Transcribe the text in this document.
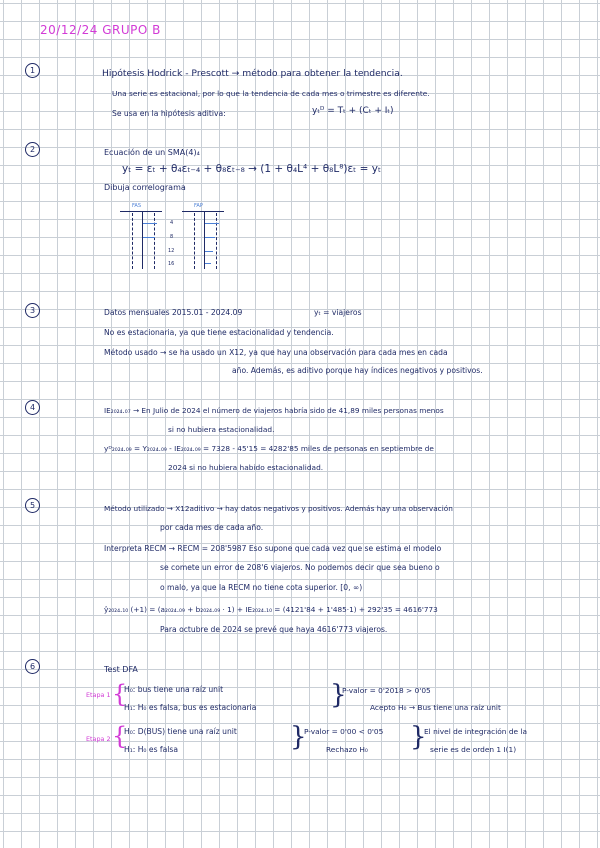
20/12/24 GRUPO B
1	Hipótesis Hodrick - Prescott → método para obtener la tendencia.
Una serie es estacional, por lo que la tendencia de cada mes o trimestre es diferente.
Se usa en la hipótesis aditiva:	yₜᴰ = Tₜ + (Cₜ + Iₜ)
2	Ecuación de un SMA(4)₄
yₜ = εₜ + θ₄εₜ₋₄ + θ₈εₜ₋₈ → (1 + θ₄L⁴ + θ₈L⁸)εₜ = yₜ
Dibuja correlograma
FAS	FAP
4
8
12
16
3	Datos mensuales 2015.01 - 2024.09	yₜ = viajeros
No es estacionaria, ya que tiene estacionalidad y tendencia.
Método usado → se ha usado un X12, ya que hay una observación para cada mes en cada
año. Además, es aditivo porque hay índices negativos y positivos.
4	IE₂₀₂₄.₀₇ → En Julio de 2024 el número de viajeros habría sido de 41,89 miles personas menos
si no hubiera estacionalidad.
yᴰ₂₀₂₄.₀₉ = Y₂₀₂₄.₀₉ - IE₂₀₂₄.₀₉ = 7328 - 45'15 = 4282'85 miles de personas en septiembre de
2024 si no hubiera habido estacionalidad.
5	Método utilizado → X12aditivo → hay datos negativos y positivos. Además hay una observación
por cada mes de cada año.
Interpreta RECM → RECM = 208'5987 Eso supone que cada vez que se estima el modelo
se comete un error de 208'6 viajeros. No podemos decir que sea bueno o
o malo, ya que la RECM no tiene cota superior. [0, ∞)
ŷ₂₀₂₄.₁₀ (+1) = (a₂₀₂₄.₀₉ + b₂₀₂₄.₀₉ · 1) + IE₂₀₂₄.₁₀ = (4121'84 + 1'485·1) + 292'35 = 4616'773
Para octubre de 2024 se prevé que haya 4616'773 viajeros.
6	Test DFA
Etapa 1 {
H₀: bus tiene una raíz unit
H₁: H₀ es falsa, bus es estacionaria	}
P-valor = 0'2018 > 0'05
Acepto H₀ → Bus tiene una raíz unit
Etapa 2 {
H₀: D(BUS) tiene una raíz unit
H₁: H₀ es falsa	}
P-valor = 0'00 < 0'05
Rechazo H₀ }
El nivel de integración de la
serie es de orden 1 I(1)
